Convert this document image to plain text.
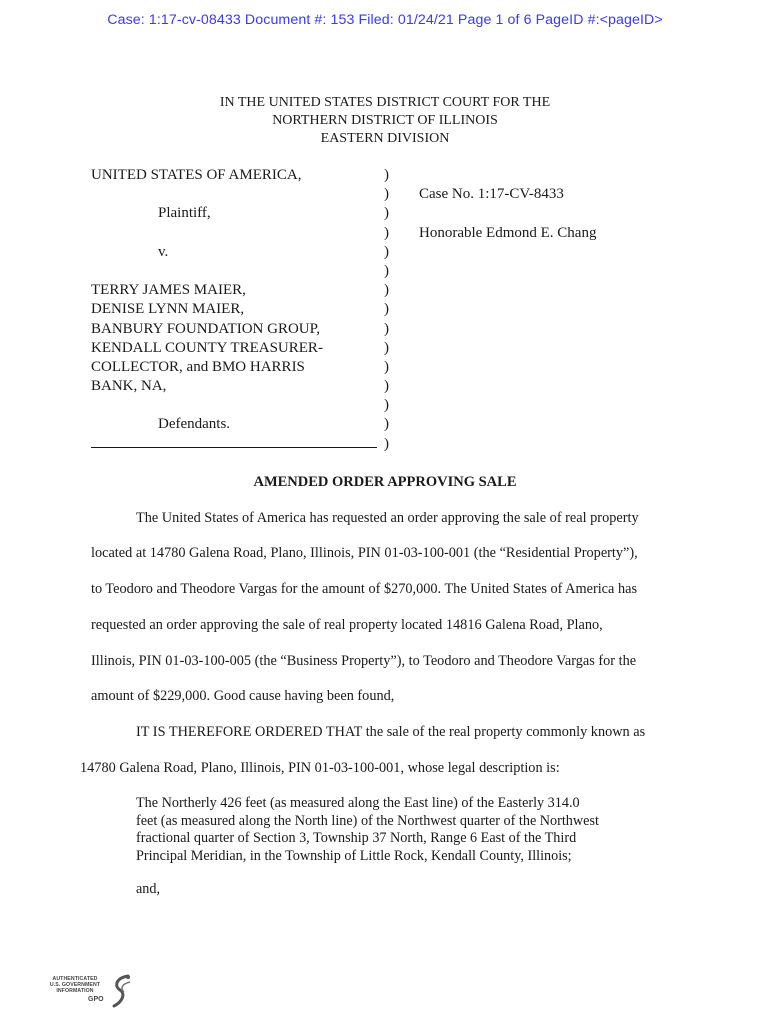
Case: 1:17-cv-08433 Document #: 153 Filed: 01/24/21 Page 1 of 6 PageID #:<pageID>
IN THE UNITED STATES DISTRICT COURT FOR THE
NORTHERN DISTRICT OF ILLINOIS
EASTERN DIVISION
UNITED STATES OF AMERICA,
Plaintiff,
v.
TERRY JAMES MAIER,
DENISE LYNN MAIER,
BANBURY FOUNDATION GROUP,
KENDALL COUNTY TREASURER-
COLLECTOR, and BMO HARRIS
BANK, NA,
Defendants.
)
)
)
)
)
)
)
)
)
)
)
)
)
)
)
Case No. 1:17-CV-8433
Honorable Edmond E. Chang
AMENDED ORDER APPROVING SALE
The United States of America has requested an order approving the sale of real property
located at 14780 Galena Road, Plano, Illinois, PIN 01-03-100-001 (the “Residential Property”),
to Teodoro and Theodore Vargas for the amount of $270,000. The United States of America has
requested an order approving the sale of real property located 14816 Galena Road, Plano,
Illinois, PIN 01-03-100-005 (the “Business Property”), to Teodoro and Theodore Vargas for the
amount of $229,000. Good cause having been found,
IT IS THEREFORE ORDERED THAT the sale of the real property commonly known as
14780 Galena Road, Plano, Illinois, PIN 01-03-100-001, whose legal description is:
The Northerly 426 feet (as measured along the East line) of the Easterly 314.0
feet (as measured along the North line) of the Northwest quarter of the Northwest
fractional quarter of Section 3, Township 37 North, Range 6 East of the Third
Principal Meridian, in the Township of Little Rock, Kendall County, Illinois;
and,
AUTHENTICATED
U.S. GOVERNMENT
INFORMATION
GPO
